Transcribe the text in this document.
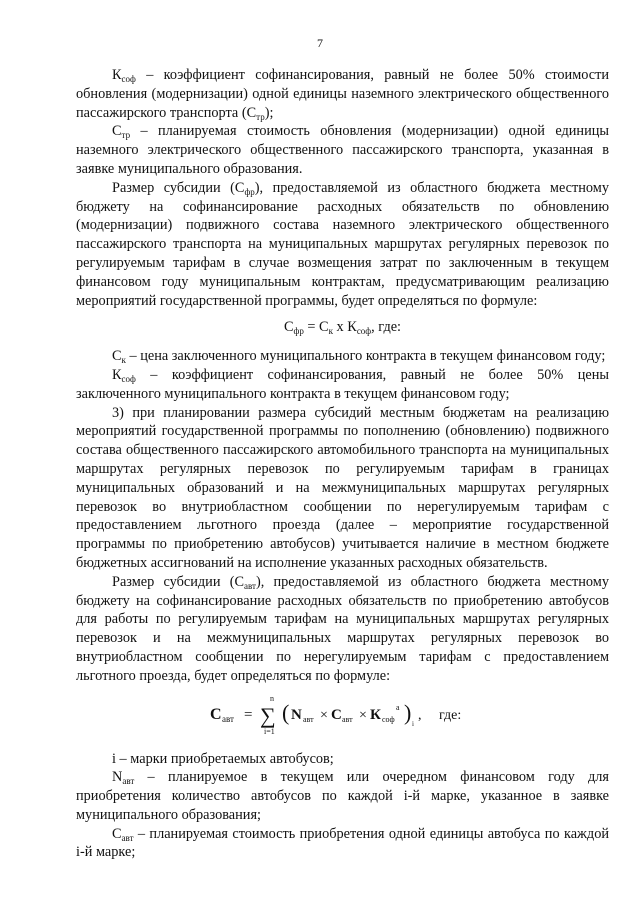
7

$К_{соф}$ – коэффициент софинансирования, равный не более 50% стоимости обновления (модернизации) одной единицы наземного электрического общественного пассажирского транспорта $(С_{тр})$;

$С_{тр}$ – планируемая стоимость обновления (модернизации) одной единицы наземного электрического общественного пассажирского транспорта, указанная в заявке муниципального образования.

Размер субсидии $(С_{фр})$, предоставляемой из областного бюджета местному бюджету на софинансирование расходных обязательств по обновлению (модернизации) подвижного состава наземного электрического общественного пассажирского транспорта на муниципальных маршрутах регулярных перевозок по регулируемым тарифам в случае возмещения затрат по заключенным в текущем финансовом году муниципальным контрактам, предусматривающим реализацию мероприятий государственной программы, будет определяться по формуле:

$С_{фр} = С_к$ х $К_{соф}$, где:

$С_к$ – цена заключенного муниципального контракта в текущем финансовом году;

$К_{соф}$ – коэффициент софинансирования, равный не более 50% цены заключенного муниципального контракта в текущем финансовом году;

3) при планировании размера субсидий местным бюджетам на реализацию мероприятий государственной программы по пополнению (обновлению) подвижного состава общественного пассажирского автомобильного транспорта на муниципальных маршрутах регулярных перевозок по регулируемым тарифам в границах муниципальных образований и на межмуниципальных маршрутах регулярных перевозок во внутриобластном сообщении по нерегулируемым тарифам с предоставлением льготного проезда (далее – мероприятие государственной программы по приобретению автобусов) учитывается наличие в местном бюджете бюджетных ассигнований на исполнение указанных расходных обязательств.

Размер субсидии $(С_{авт})$, предоставляемой из областного бюджета местному бюджету на софинансирование расходных обязательств по приобретению автобусов для работы по регулируемым тарифам на муниципальных маршрутах регулярных перевозок и на межмуниципальных маршрутах регулярных перевозок во внутриобластном сообщении по нерегулируемым тарифам с предоставлением льготного проезда, будет определяться по формуле:

С авт =
n
∑
i=1
( N авт × С авт × К соф
а ) i
,     где:

i – марки приобретаемых автобусов;

$N_{авт}$ – планируемое в текущем или очередном финансовом году для приобретения количество автобусов по каждой i-й марке, указанное в заявке муниципального образования;

$С_{авт}$ – планируемая стоимость приобретения одной единицы автобуса по каждой i-й марке;
